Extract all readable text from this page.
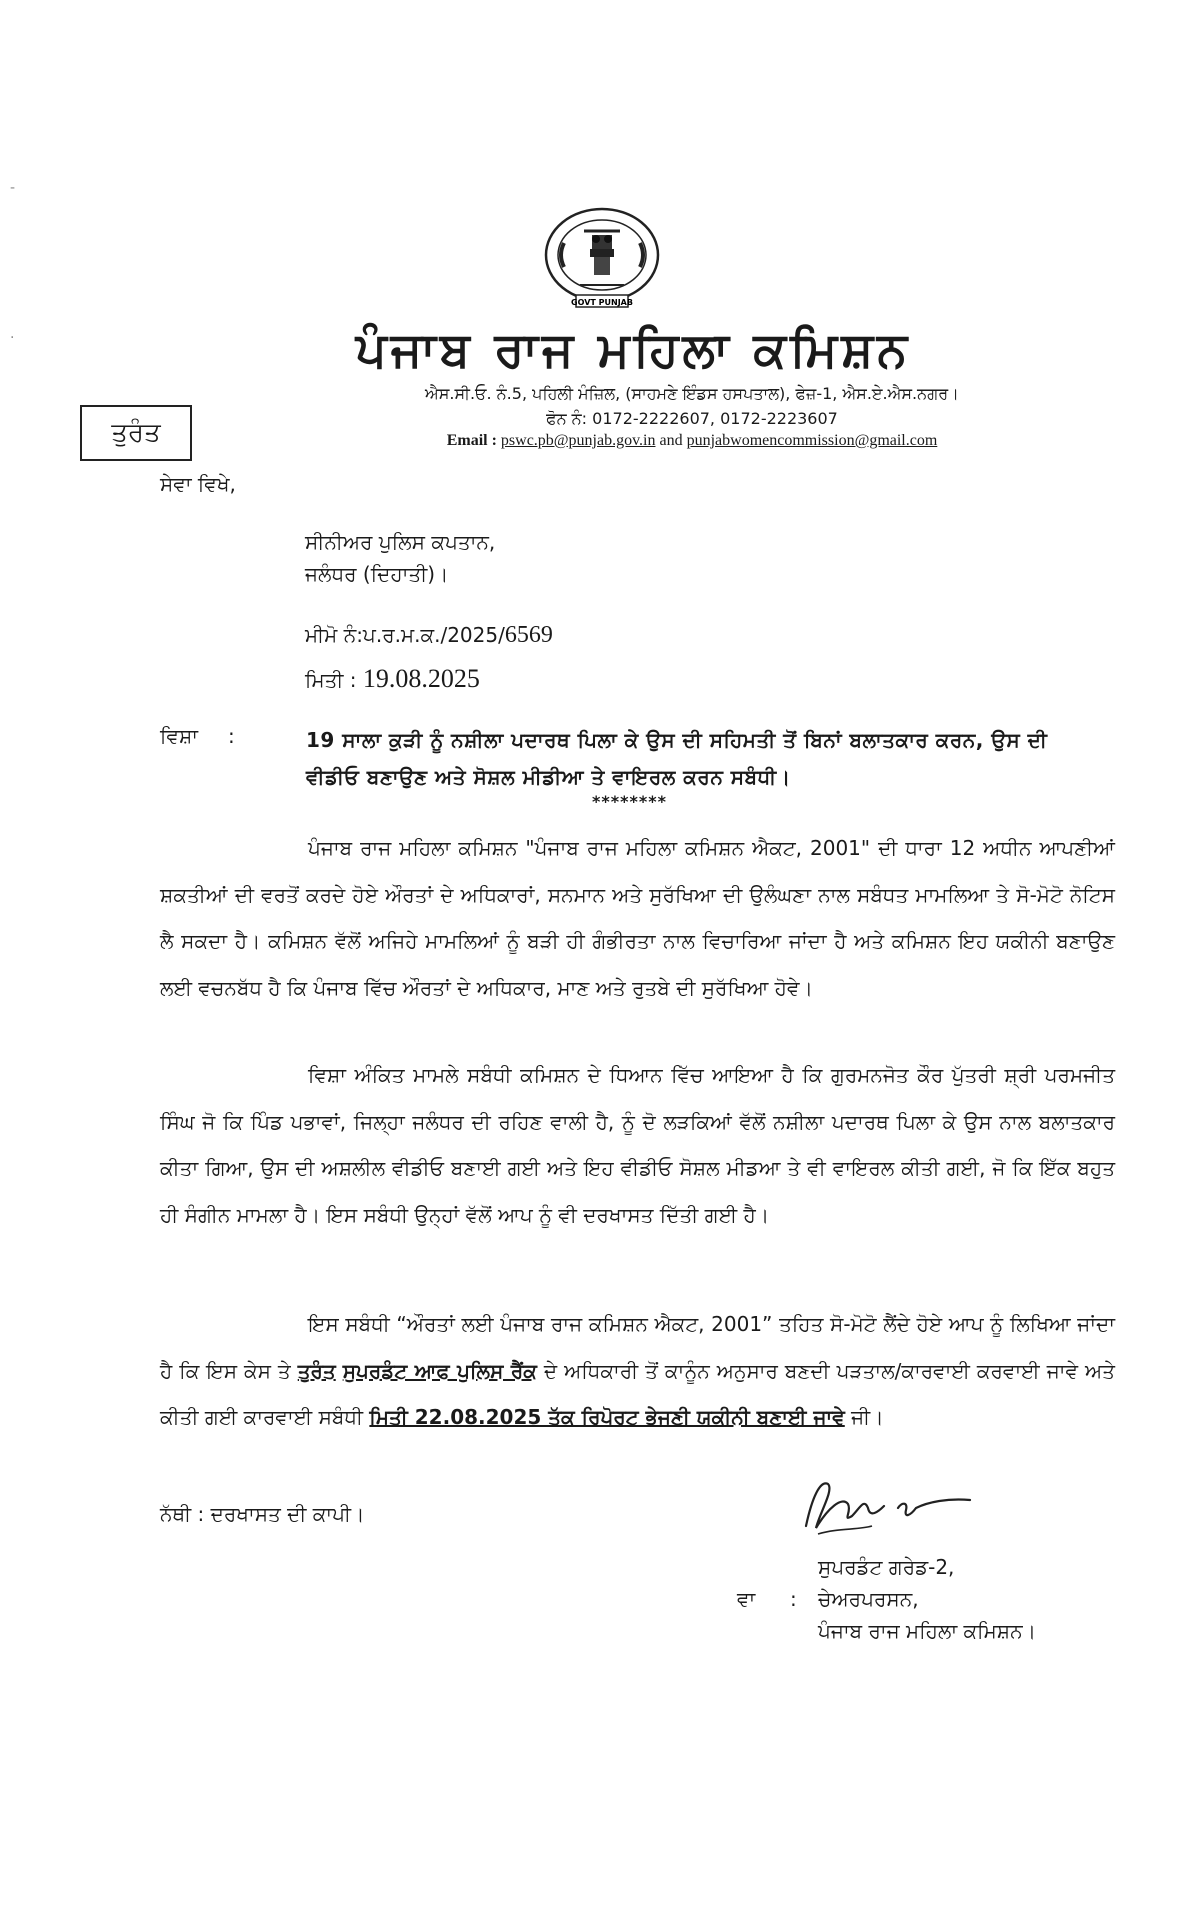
-
·
GOVT PUNJAB
ਪੰਜਾਬ ਰਾਜ ਮਹਿਲਾ ਕਮਿਸ਼ਨ
ਐਸ.ਸੀ.ਓ. ਨੰ.5, ਪਹਿਲੀ ਮੰਜ਼ਿਲ, (ਸਾਹਮਣੇ ਇੰਡਸ ਹਸਪਤਾਲ), ਫੇਜ਼-1, ਐਸ.ਏ.ਐਸ.ਨਗਰ।
ਫੋਨ ਨੰ: 0172-2222607, 0172-2223607
Email : pswc.pb@punjab.gov.in and punjabwomencommission@gmail.com
ਤੁਰੰਤ
ਸੇਵਾ ਵਿਖੇ,
ਸੀਨੀਅਰ ਪੁਲਿਸ ਕਪਤਾਨ,
ਜਲੰਧਰ (ਦਿਹਾਤੀ)।
ਮੀਮੋ ਨੰ:ਪ.ਰ.ਮ.ਕ./2025/6569
ਮਿਤੀ : 19.08.2025
ਵਿਸ਼ਾ :	19 ਸਾਲਾ ਕੁੜੀ ਨੂੰ ਨਸ਼ੀਲਾ ਪਦਾਰਥ ਪਿਲਾ ਕੇ ਉਸ ਦੀ ਸਹਿਮਤੀ ਤੋਂ ਬਿਨਾਂ ਬਲਾਤਕਾਰ ਕਰਨ, ਉਸ ਦੀ ਵੀਡੀਓ ਬਣਾਉਣ ਅਤੇ ਸੋਸ਼ਲ ਮੀਡੀਆ ਤੇ ਵਾਇਰਲ ਕਰਨ ਸਬੰਧੀ।
********
ਪੰਜਾਬ ਰਾਜ ਮਹਿਲਾ ਕਮਿਸ਼ਨ "ਪੰਜਾਬ ਰਾਜ ਮਹਿਲਾ ਕਮਿਸ਼ਨ ਐਕਟ, 2001" ਦੀ ਧਾਰਾ 12 ਅਧੀਨ ਆਪਣੀਆਂ ਸ਼ਕਤੀਆਂ ਦੀ ਵਰਤੋਂ ਕਰਦੇ ਹੋਏ ਔਰਤਾਂ ਦੇ ਅਧਿਕਾਰਾਂ, ਸਨਮਾਨ ਅਤੇ ਸੁਰੱਖਿਆ ਦੀ ਉਲੰਘਣਾ ਨਾਲ ਸਬੰਧਤ ਮਾਮਲਿਆ ਤੇ ਸੋ-ਮੋਟੋ ਨੋਟਿਸ ਲੈ ਸਕਦਾ ਹੈ। ਕਮਿਸ਼ਨ ਵੱਲੋਂ ਅਜਿਹੇ ਮਾਮਲਿਆਂ ਨੂੰ ਬੜੀ ਹੀ ਗੰਭੀਰਤਾ ਨਾਲ ਵਿਚਾਰਿਆ ਜਾਂਦਾ ਹੈ ਅਤੇ ਕਮਿਸ਼ਨ ਇਹ ਯਕੀਨੀ ਬਣਾਉਣ ਲਈ ਵਚਨਬੱਧ ਹੈ ਕਿ ਪੰਜਾਬ ਵਿੱਚ ਔਰਤਾਂ ਦੇ ਅਧਿਕਾਰ, ਮਾਣ ਅਤੇ ਰੁਤਬੇ ਦੀ ਸੁਰੱਖਿਆ ਹੋਵੇ।
ਵਿਸ਼ਾ ਅੰਕਿਤ ਮਾਮਲੇ ਸਬੰਧੀ ਕਮਿਸ਼ਨ ਦੇ ਧਿਆਨ ਵਿੱਚ ਆਇਆ ਹੈ ਕਿ ਗੁਰਮਨਜੋਤ ਕੌਰ ਪੁੱਤਰੀ ਸ਼੍ਰੀ ਪਰਮਜੀਤ ਸਿੰਘ ਜੋ ਕਿ ਪਿੰਡ ਪਭਾਵਾਂ, ਜਿਲ੍ਹਾ ਜਲੰਧਰ ਦੀ ਰਹਿਣ ਵਾਲੀ ਹੈ, ਨੂੰ ਦੋ ਲੜਕਿਆਂ ਵੱਲੋਂ ਨਸ਼ੀਲਾ ਪਦਾਰਥ ਪਿਲਾ ਕੇ ਉਸ ਨਾਲ ਬਲਾਤਕਾਰ ਕੀਤਾ ਗਿਆ, ਉਸ ਦੀ ਅਸ਼ਲੀਲ ਵੀਡੀਓ ਬਣਾਈ ਗਈ ਅਤੇ ਇਹ ਵੀਡੀਓ ਸੋਸ਼ਲ ਮੀਡਆ ਤੇ ਵੀ ਵਾਇਰਲ ਕੀਤੀ ਗਈ, ਜੋ ਕਿ ਇੱਕ ਬਹੁਤ ਹੀ ਸੰਗੀਨ ਮਾਮਲਾ ਹੈ। ਇਸ ਸਬੰਧੀ ਉਨ੍ਹਾਂ ਵੱਲੋਂ ਆਪ ਨੂੰ ਵੀ ਦਰਖਾਸਤ ਦਿੱਤੀ ਗਈ ਹੈ।
ਇਸ ਸਬੰਧੀ “ਔਰਤਾਂ ਲਈ ਪੰਜਾਬ ਰਾਜ ਕਮਿਸ਼ਨ ਐਕਟ, 2001” ਤਹਿਤ ਸੋ-ਮੋਟੋ ਲੈਂਦੇ ਹੋਏ ਆਪ ਨੂੰ ਲਿਖਿਆ ਜਾਂਦਾ ਹੈ ਕਿ ਇਸ ਕੇਸ ਤੇ ਤੁਰੰਤ ਸੁਪਰਡੰਟ ਆਫ ਪੁਲਿਸ ਰੈਂਕ ਦੇ ਅਧਿਕਾਰੀ ਤੋਂ ਕਾਨੂੰਨ ਅਨੁਸਾਰ ਬਣਦੀ ਪੜਤਾਲ/ਕਾਰਵਾਈ ਕਰਵਾਈ ਜਾਵੇ ਅਤੇ ਕੀਤੀ ਗਈ ਕਾਰਵਾਈ ਸਬੰਧੀ ਮਿਤੀ 22.08.2025 ਤੱਕ ਰਿਪੋਰਟ ਭੇਜਣੀ ਯਕੀਨੀ ਬਣਾਈ ਜਾਵੇ ਜੀ।
ਨੱਥੀ : ਦਰਖਾਸਤ ਦੀ ਕਾਪੀ।
ਸੁਪਰਡੰਟ ਗਰੇਡ-2,
ਵਾ : ਚੇਅਰਪਰਸਨ,
ਪੰਜਾਬ ਰਾਜ ਮਹਿਲਾ ਕਮਿਸ਼ਨ।
